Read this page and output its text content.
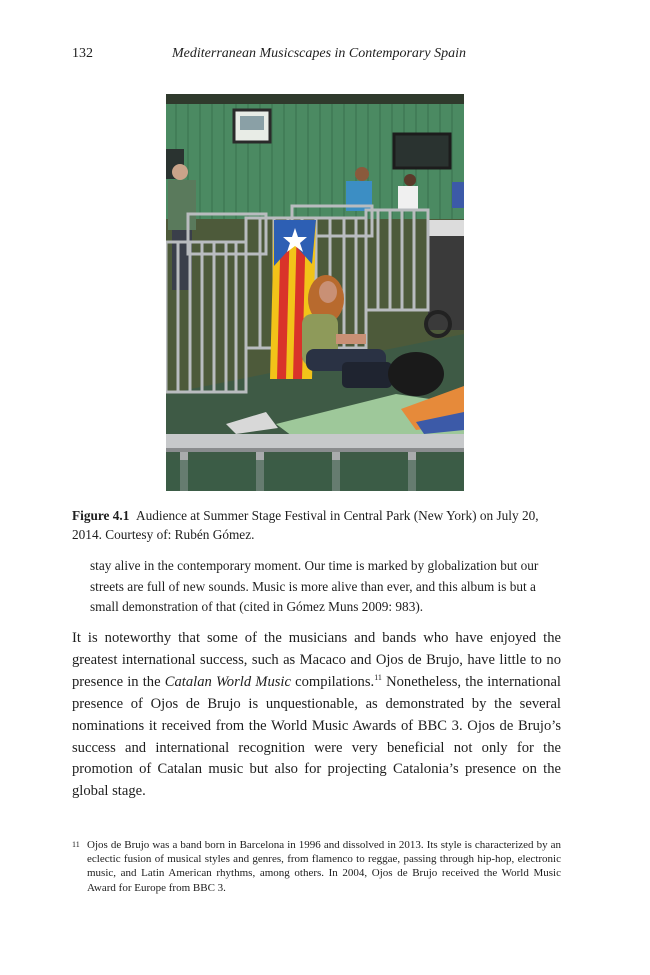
132	Mediterranean Musicscapes in Contemporary Spain

Figure 4.1 Audience at Summer Stage Festival in Central Park (New York) on July 20, 2014. Courtesy of: Rubén Gómez.

stay alive in the contemporary moment. Our time is marked by globalization but our streets are full of new sounds. Music is more alive than ever, and this album is but a small demonstration of that (cited in Gómez Muns 2009: 983).

It is noteworthy that some of the musicians and bands who have enjoyed the greatest international success, such as Macaco and Ojos de Brujo, have little to no presence in the Catalan World Music compilations.$^{11}$ Nonetheless, the international presence of Ojos de Brujo is unquestionable, as demonstrated by the several nominations it received from the World Music Awards of BBC 3. Ojos de Brujo’s success and international recognition were very beneficial not only for the promotion of Catalan music but also for projecting Catalonia’s presence on the global stage.

11 Ojos de Brujo was a band born in Barcelona in 1996 and dissolved in 2013. Its style is characterized by an eclectic fusion of musical styles and genres, from flamenco to reggae, passing through hip-hop, electronic music, and Latin American rhythms, among others. In 2004, Ojos de Brujo received the World Music Award for Europe from BBC 3.
